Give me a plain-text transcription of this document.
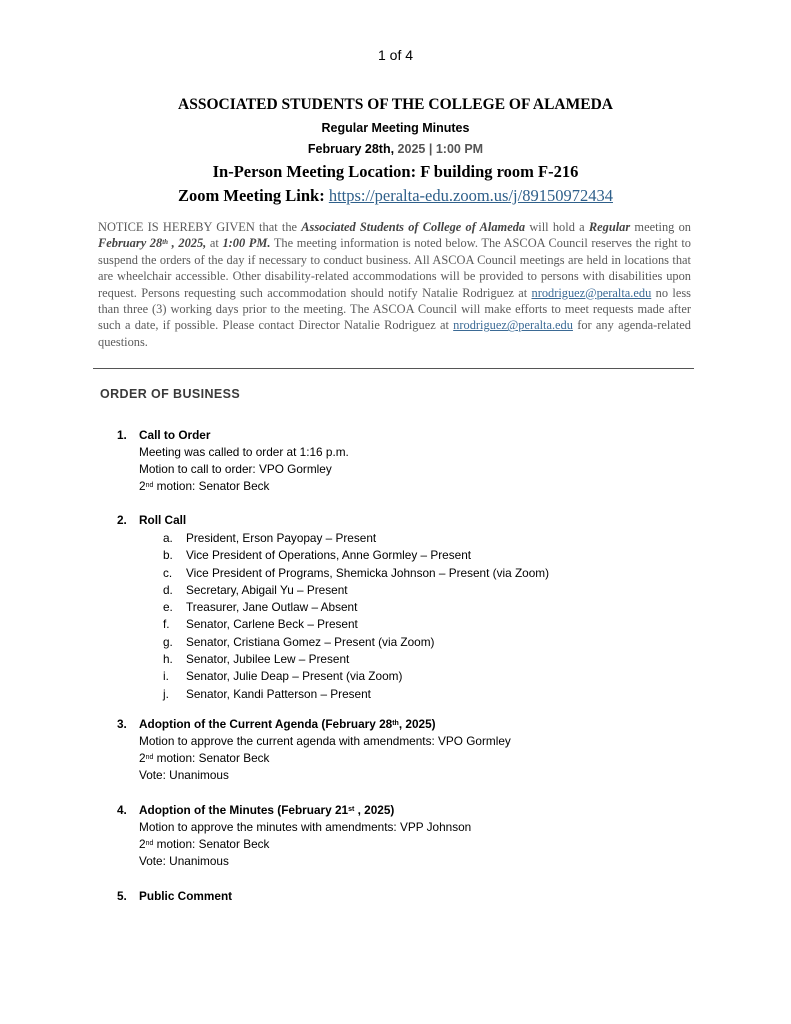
1 of 4
ASSOCIATED STUDENTS OF THE COLLEGE OF ALAMEDA
Regular Meeting Minutes
February 28th, 2025 | 1:00 PM
In-Person Meeting Location: F building room F-216
Zoom Meeting Link: https://peralta-edu.zoom.us/j/89150972434
NOTICE IS HEREBY GIVEN that the Associated Students of College of Alameda will hold a Regular meeting on February 28th , 2025, at 1:00 PM. The meeting information is noted below. The ASCOA Council reserves the right to suspend the orders of the day if necessary to conduct business. All ASCOA Council meetings are held in locations that are wheelchair accessible. Other disability-related accommodations will be provided to persons with disabilities upon request. Persons requesting such accommodation should notify Natalie Rodriguez at nrodriguez@peralta.edu no less than three (3) working days prior to the meeting. The ASCOA Council will make efforts to meet requests made after such a date, if possible. Please contact Director Natalie Rodriguez at nrodriguez@peralta.edu for any agenda-related questions.
ORDER OF BUSINESS
1. Call to Order
Meeting was called to order at 1:16 p.m.
Motion to call to order: VPO Gormley
2nd motion: Senator Beck
2. Roll Call
a. President, Erson Payopay – Present
b. Vice President of Operations, Anne Gormley – Present
c. Vice President of Programs, Shemicka Johnson – Present (via Zoom)
d. Secretary, Abigail Yu – Present
e. Treasurer, Jane Outlaw – Absent
f. Senator, Carlene Beck – Present
g. Senator, Cristiana Gomez – Present (via Zoom)
h. Senator, Jubilee Lew – Present
i. Senator, Julie Deap – Present (via Zoom)
j. Senator, Kandi Patterson – Present
3. Adoption of the Current Agenda (February 28th, 2025)
Motion to approve the current agenda with amendments: VPO Gormley
2nd motion: Senator Beck
Vote: Unanimous
4. Adoption of the Minutes (February 21st , 2025)
Motion to approve the minutes with amendments: VPP Johnson
2nd motion: Senator Beck
Vote: Unanimous
5. Public Comment
